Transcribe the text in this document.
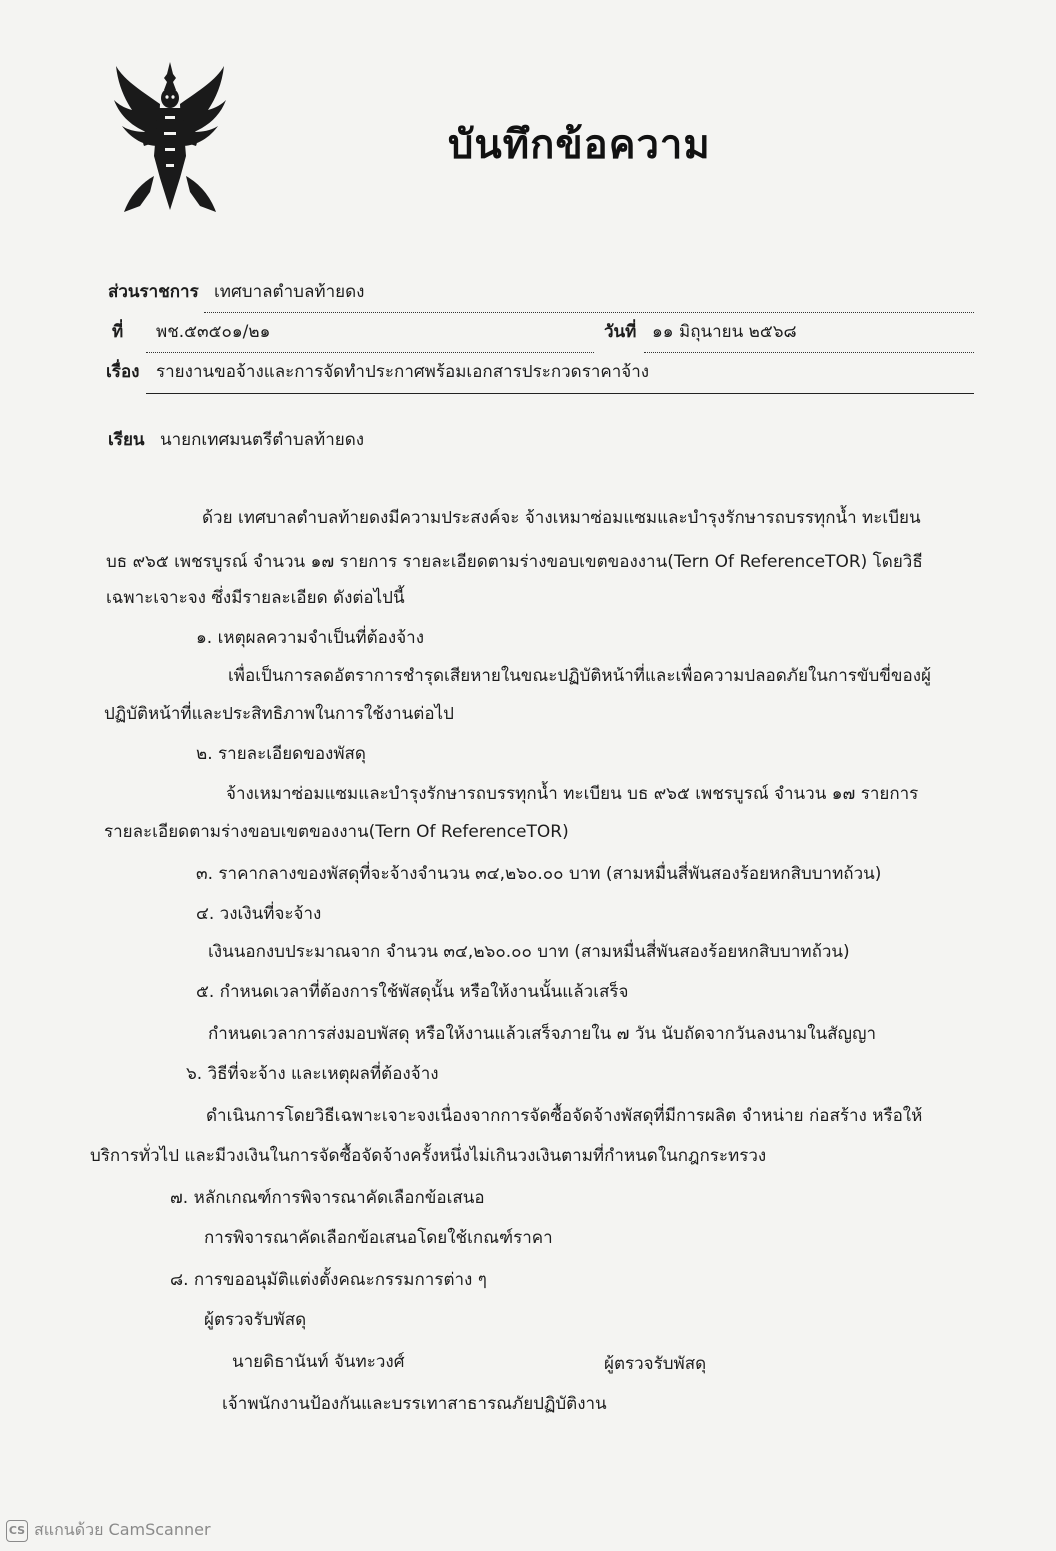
บันทึกข้อความ
ส่วนราชการ เทศบาลตำบลท้ายดง
ที่ พช.๕๓๕๐๑/๒๑	วันที่ ๑๑ มิถุนายน ๒๕๖๘
เรื่อง รายงานขอจ้างและการจัดทำประกาศพร้อมเอกสารประกวดราคาจ้าง
เรียน นายกเทศมนตรีตำบลท้ายดง
ด้วย เทศบาลตำบลท้ายดงมีความประสงค์จะ จ้างเหมาซ่อมแซมและบำรุงรักษารถบรรทุกน้ำ ทะเบียน
บธ ๙๖๕ เพชรบูรณ์ จำนวน ๑๗ รายการ รายละเอียดตามร่างขอบเขตของงาน(Tern Of ReferenceTOR) โดยวิธี
เฉพาะเจาะจง ซึ่งมีรายละเอียด ดังต่อไปนี้
๑. เหตุผลความจำเป็นที่ต้องจ้าง
เพื่อเป็นการลดอัตราการชำรุดเสียหายในขณะปฏิบัติหน้าที่และเพื่อความปลอดภัยในการขับขี่ของผู้
ปฏิบัติหน้าที่และประสิทธิภาพในการใช้งานต่อไป
๒. รายละเอียดของพัสดุ
จ้างเหมาซ่อมแซมและบำรุงรักษารถบรรทุกน้ำ ทะเบียน บธ ๙๖๕ เพชรบูรณ์ จำนวน ๑๗ รายการ
รายละเอียดตามร่างขอบเขตของงาน(Tern Of ReferenceTOR)
๓. ราคากลางของพัสดุที่จะจ้างจำนวน ๓๔,๒๖๐.๐๐ บาท (สามหมื่นสี่พันสองร้อยหกสิบบาทถ้วน)
๔. วงเงินที่จะจ้าง
เงินนอกงบประมาณจาก จำนวน ๓๔,๒๖๐.๐๐ บาท (สามหมื่นสี่พันสองร้อยหกสิบบาทถ้วน)
๕. กำหนดเวลาที่ต้องการใช้พัสดุนั้น หรือให้งานนั้นแล้วเสร็จ
กำหนดเวลาการส่งมอบพัสดุ หรือให้งานแล้วเสร็จภายใน ๗ วัน นับถัดจากวันลงนามในสัญญา
๖. วิธีที่จะจ้าง และเหตุผลที่ต้องจ้าง
ดำเนินการโดยวิธีเฉพาะเจาะจงเนื่องจากการจัดซื้อจัดจ้างพัสดุที่มีการผลิต จำหน่าย ก่อสร้าง หรือให้
บริการทั่วไป และมีวงเงินในการจัดซื้อจัดจ้างครั้งหนึ่งไม่เกินวงเงินตามที่กำหนดในกฎกระทรวง
๗. หลักเกณฑ์การพิจารณาคัดเลือกข้อเสนอ
การพิจารณาคัดเลือกข้อเสนอโดยใช้เกณฑ์ราคา
๘. การขออนุมัติแต่งตั้งคณะกรรมการต่าง ๆ
ผู้ตรวจรับพัสดุ
นายดิธานันท์ จันทะวงศ์	ผู้ตรวจรับพัสดุ
เจ้าพนักงานป้องกันและบรรเทาสาธารณภัยปฏิบัติงาน
CS สแกนด้วย CamScanner
